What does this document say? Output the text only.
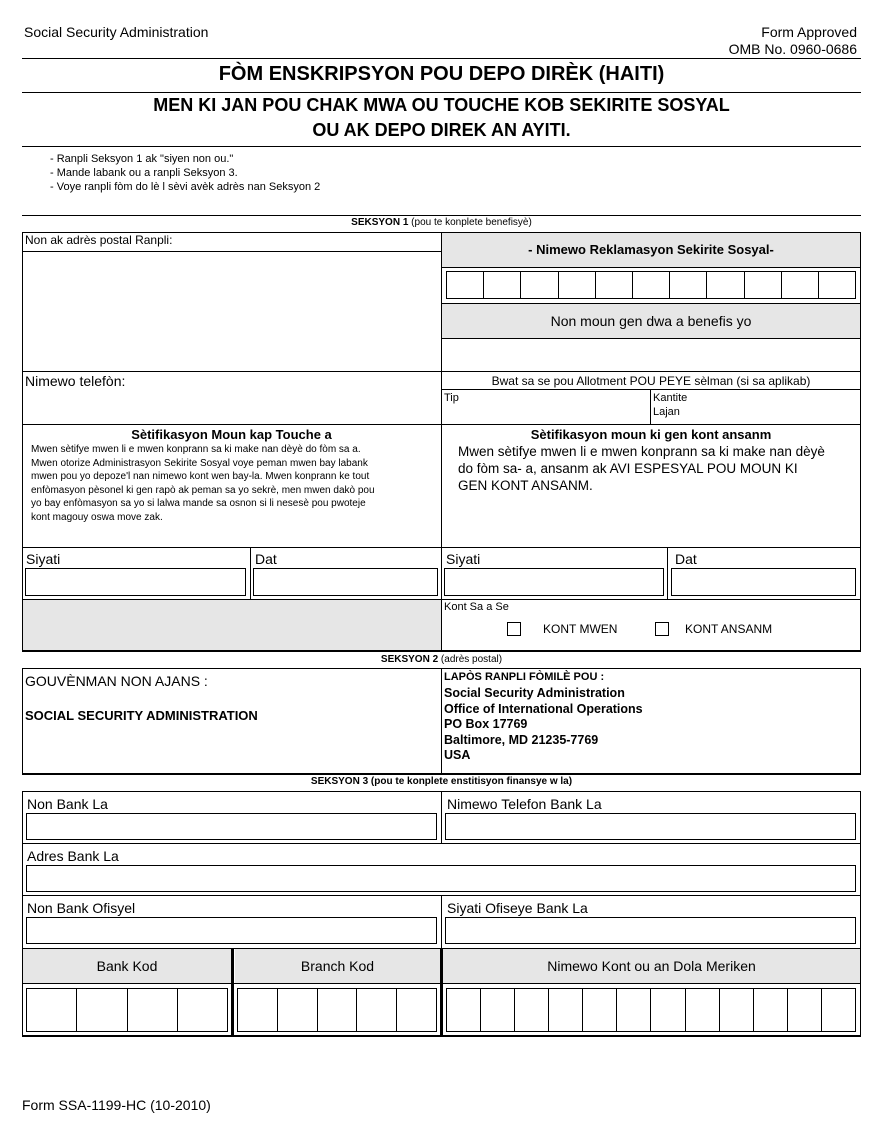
Social Security Administration	Form Approved
OMB No. 0960-0686
FÒM ENSKRIPSYON POU DEPO DIRÈK (HAITI)
MEN KI JAN POU CHAK MWA OU TOUCHE KOB SEKIRITE SOSYAL
OU AK DEPO DIREK AN AYITI.
- Ranpli Seksyon 1 ak "siyen non ou."
- Mande labank ou a ranpli Seksyon 3.
- Voye ranpli fòm do lè l sèvi avèk adrès nan Seksyon 2
SEKSYON 1 (pou te konplete benefisyè)
Non ak adrès postal Ranpli:
- Nimewo Reklamasyon Sekirite Sosyal-
Non moun gen dwa a benefis yo
Nimewo telefòn:	Bwat sa se pou Allotment POU PEYE sèlman (si sa aplikab)
Tip	Kantite
Lajan
Sètifikasyon Moun kap Touche a
Mwen sètifye mwen li e mwen konprann sa ki make nan dèyè do fòm sa a.
Mwen otorize Administrasyon Sekirite Sosyal voye peman mwen bay labank
mwen pou yo depoze'l nan nimewo kont wen bay-la. Mwen konprann ke tout
enfòmasyon pèsonel ki gen rapò ak peman sa yo sekrè, men mwen dakò pou
yo bay enfòmasyon sa yo si lalwa mande sa osnon si li nesesè pou pwoteje
kont magouy oswa move zak.
Sètifikasyon moun ki gen kont ansanm
Mwen sètifye mwen li e mwen konprann sa ki make nan dèyè
do fòm sa- a, ansanm ak AVI ESPESYAL POU MOUN KI
GEN KONT ANSANM.
Siyati	Dat	Siyati	Dat
Kont Sa a Se
KONT MWEN	KONT ANSANM
SEKSYON 2 (adrès postal)
GOUVÈNMAN NON AJANS :
SOCIAL SECURITY ADMINISTRATION
LAPÒS RANPLI FÒMILÈ POU :
Social Security Administration
Office of International Operations
PO Box 17769
Baltimore, MD 21235-7769
USA
SEKSYON 3 (pou te konplete enstitisyon finansye w la)
Non Bank La	Nimewo Telefon Bank La
Adres Bank La
Non Bank Ofisyel	Siyati Ofiseye Bank La
Bank Kod	Branch Kod	Nimewo Kont ou an Dola Meriken
Form SSA-1199-HC (10-2010)
